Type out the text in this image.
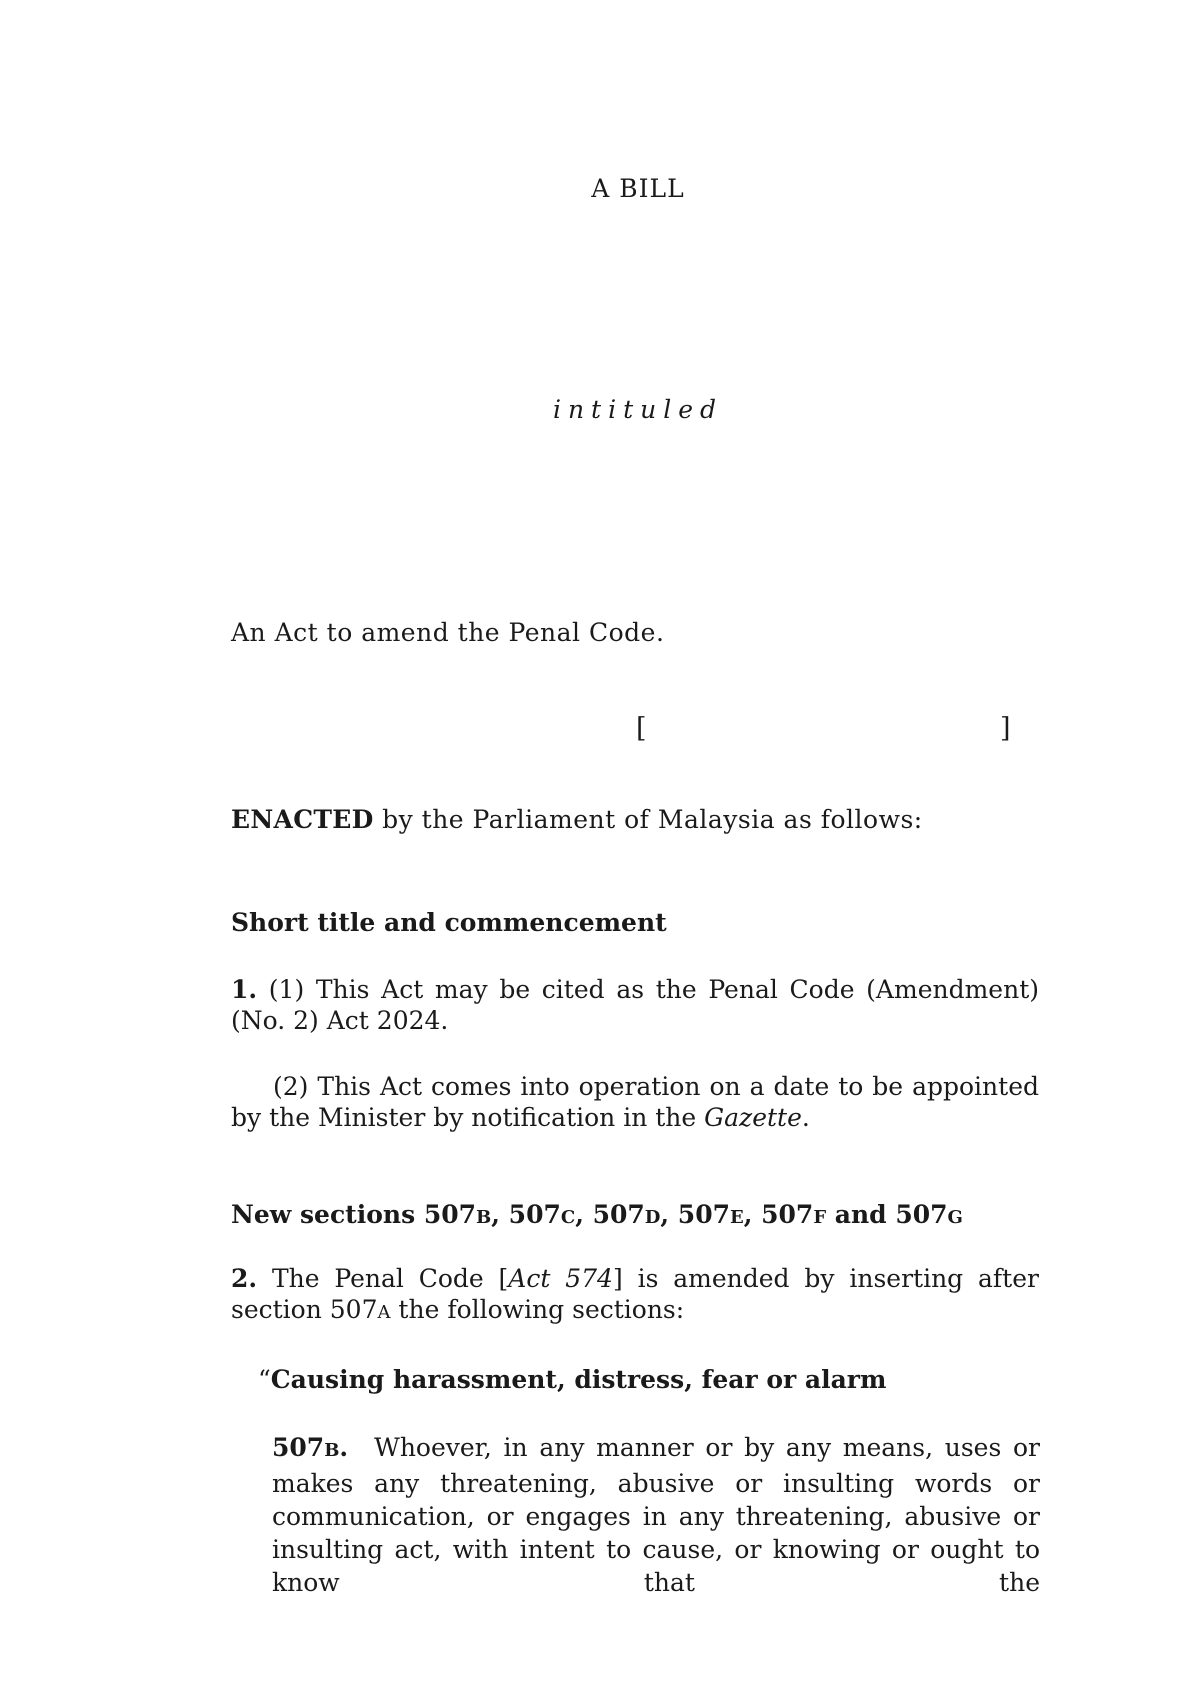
A BILL
intituled
An Act to amend the Penal Code.
[	]
ENACTED by the Parliament of Malaysia as follows:
Short title and commencement
1. (1) This Act may be cited as the Penal Code (Amendment) (No. 2) Act 2024.
(2) This Act comes into operation on a date to be appointed by the Minister by notification in the Gazette.
New sections 507B, 507C, 507D, 507E, 507F and 507G
2. The Penal Code [Act 574] is amended by inserting after section 507A the following sections:
“Causing harassment, distress, fear or alarm
507B. Whoever, in any manner or by any means, uses or makes any threatening, abusive or insulting words or communication, or engages in any threatening, abusive or insulting act, with intent to cause, or knowing or ought to know that the
